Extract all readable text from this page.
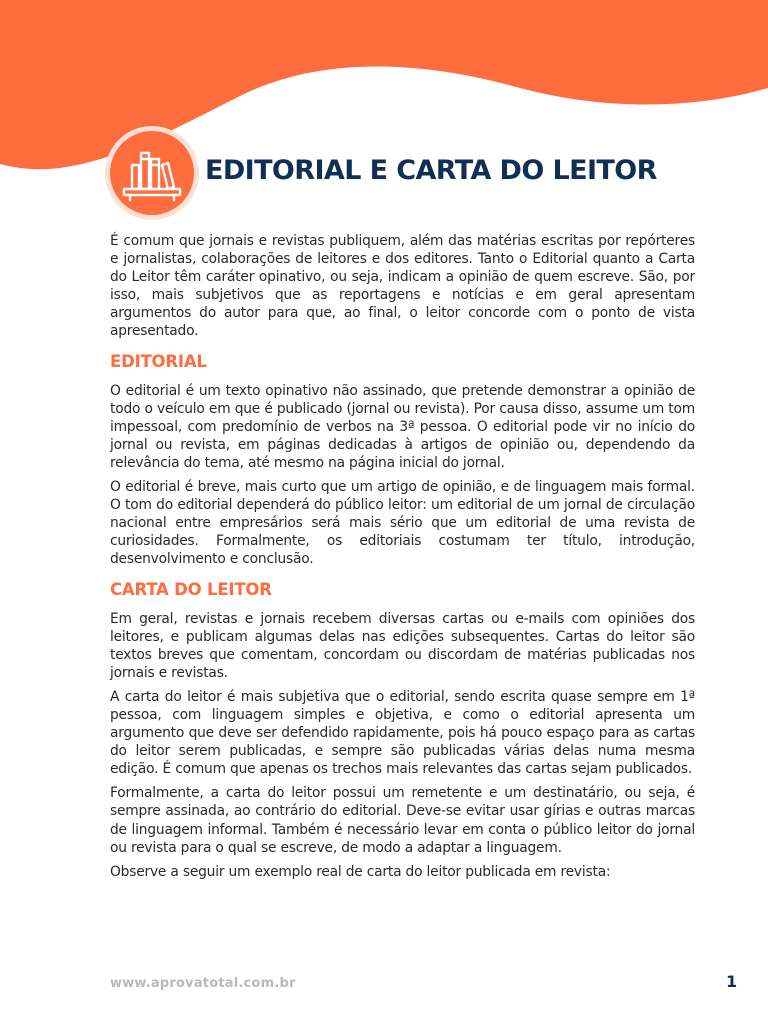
EDITORIAL E CARTA DO LEITOR

É comum que jornais e revistas publiquem, além das matérias escritas por repórteres e jornalistas, colaborações de leitores e dos editores. Tanto o Editorial quanto a Carta do Leitor têm caráter opinativo, ou seja, indicam a opinião de quem escreve. São, por isso, mais subjetivos que as reportagens e notícias e em geral apresentam argumentos do autor para que, ao final, o leitor concorde com o ponto de vista apresentado.

EDITORIAL

O editorial é um texto opinativo não assinado, que pretende demonstrar a opinião de todo o veículo em que é publicado (jornal ou revista). Por causa disso, assume um tom impessoal, com predomínio de verbos na 3ª pessoa. O editorial pode vir no início do jornal ou revista, em páginas dedicadas à artigos de opinião ou, dependendo da relevância do tema, até mesmo na página inicial do jornal.

O editorial é breve, mais curto que um artigo de opinião, e de linguagem mais formal. O tom do editorial dependerá do público leitor: um editorial de um jornal de circulação nacional entre empresários será mais sério que um editorial de uma revista de curiosidades. Formalmente, os editoriais costumam ter título, introdução, desenvolvimento e conclusão.

CARTA DO LEITOR

Em geral, revistas e jornais recebem diversas cartas ou e-mails com opiniões dos leitores, e publicam algumas delas nas edições subsequentes. Cartas do leitor são textos breves que comentam, concordam ou discordam de matérias publicadas nos jornais e revistas.

A carta do leitor é mais subjetiva que o editorial, sendo escrita quase sempre em 1ª pessoa, com linguagem simples e objetiva, e como o editorial apresenta um argumento que deve ser defendido rapidamente, pois há pouco espaço para as cartas do leitor serem publicadas, e sempre são publicadas várias delas numa mesma edição. É comum que apenas os trechos mais relevantes das cartas sejam publicados.

Formalmente, a carta do leitor possui um remetente e um destinatário, ou seja, é sempre assinada, ao contrário do editorial. Deve-se evitar usar gírias e outras marcas de linguagem informal. Também é necessário levar em conta o público leitor do jornal ou revista para o qual se escreve, de modo a adaptar a linguagem.

Observe a seguir um exemplo real de carta do leitor publicada em revista:

www.aprovatotal.com.br	1
